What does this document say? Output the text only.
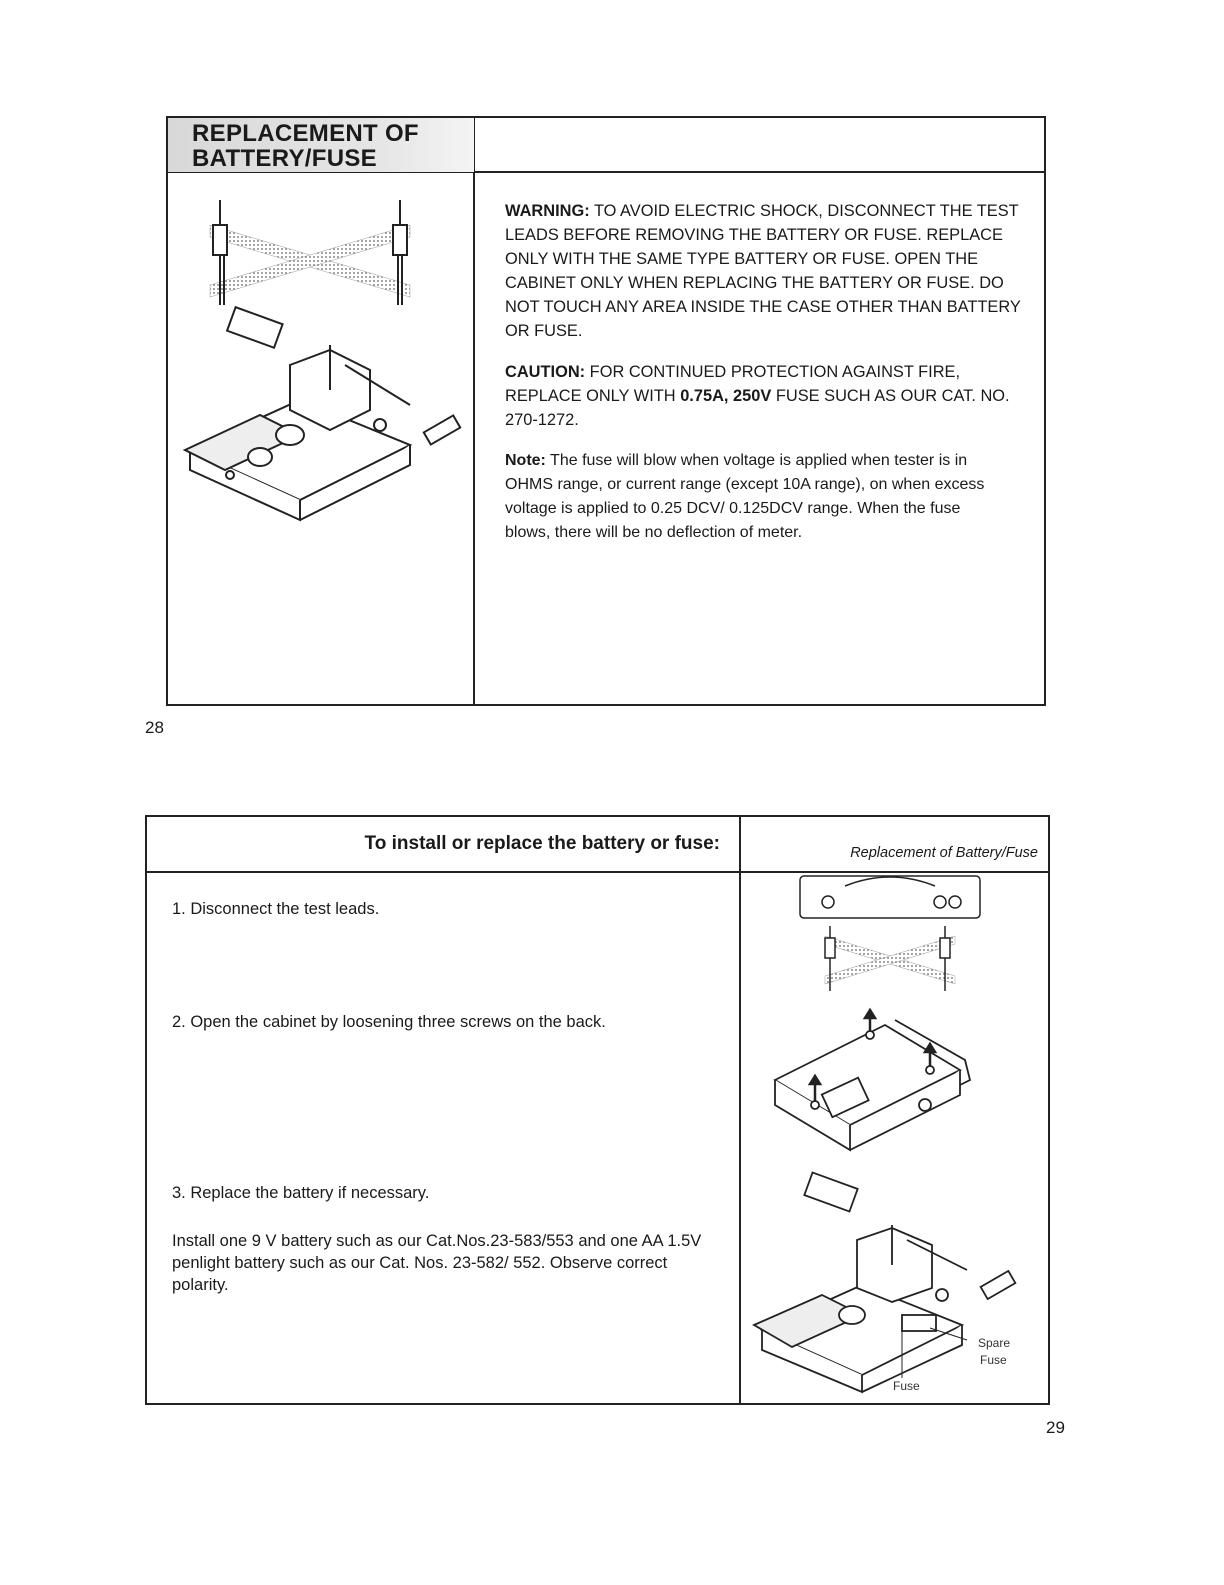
REPLACEMENT OF
BATTERY/FUSE

WARNING: TO AVOID ELECTRIC SHOCK, DISCONNECT THE TEST LEADS BEFORE REMOVING THE BATTERY OR FUSE. REPLACE ONLY WITH THE SAME TYPE BATTERY OR FUSE. OPEN THE CABINET ONLY WHEN REPLACING THE BATTERY OR FUSE. DO NOT TOUCH ANY AREA INSIDE THE CASE OTHER THAN BATTERY OR FUSE.

CAUTION: FOR CONTINUED PROTECTION AGAINST FIRE, REPLACE ONLY WITH 0.75A, 250V FUSE SUCH AS OUR CAT. NO. 270-1272.

Note: The fuse will blow when voltage is applied when tester is in OHMS range, or current range (except 10A range), on when excess voltage is applied to 0.25 DCV/ 0.125DCV range. When the fuse blows, there will be no deflection of meter.

28
To install or replace the battery or fuse:	Replacement of Battery/Fuse
1. Disconnect the test leads.
2. Open the cabinet by loosening three screws on the back.
3. Replace the battery if necessary.
Install one 9 V battery such as our Cat.Nos.23-583/553 and one AA 1.5V penlight battery such as our Cat. Nos. 23-582/ 552. Observe correct polarity.
Spare
Fuse
Fuse
29
